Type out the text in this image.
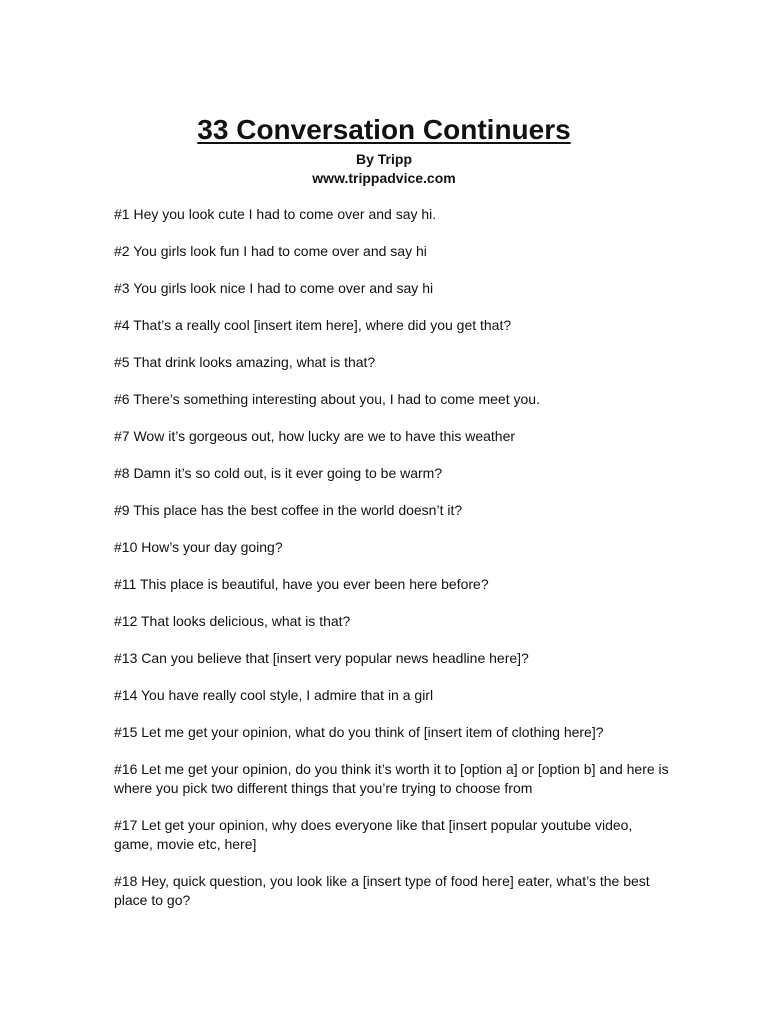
33 Conversation Continuers
By Tripp
www.trippadvice.com
#1 Hey you look cute I had to come over and say hi.
#2 You girls look fun I had to come over and say hi
#3 You girls look nice I had to come over and say hi
#4 That’s a really cool [insert item here], where did you get that?
#5 That drink looks amazing, what is that?
#6 There’s something interesting about you, I had to come meet you.
#7 Wow it’s gorgeous out, how lucky are we to have this weather
#8 Damn it’s so cold out, is it ever going to be warm?
#9 This place has the best coffee in the world doesn’t it?
#10 How’s your day going?
#11 This place is beautiful, have you ever been here before?
#12 That looks delicious, what is that?
#13 Can you believe that [insert very popular news headline here]?
#14 You have really cool style, I admire that in a girl
#15 Let me get your opinion, what do you think of [insert item of clothing here]?
#16 Let me get your opinion, do you think it’s worth it to [option a] or [option b] and here is where you pick two different things that you’re trying to choose from
#17 Let get your opinion, why does everyone like that [insert popular youtube video, game, movie etc, here]
#18 Hey, quick question, you look like a [insert type of food here] eater, what’s the best place to go?
